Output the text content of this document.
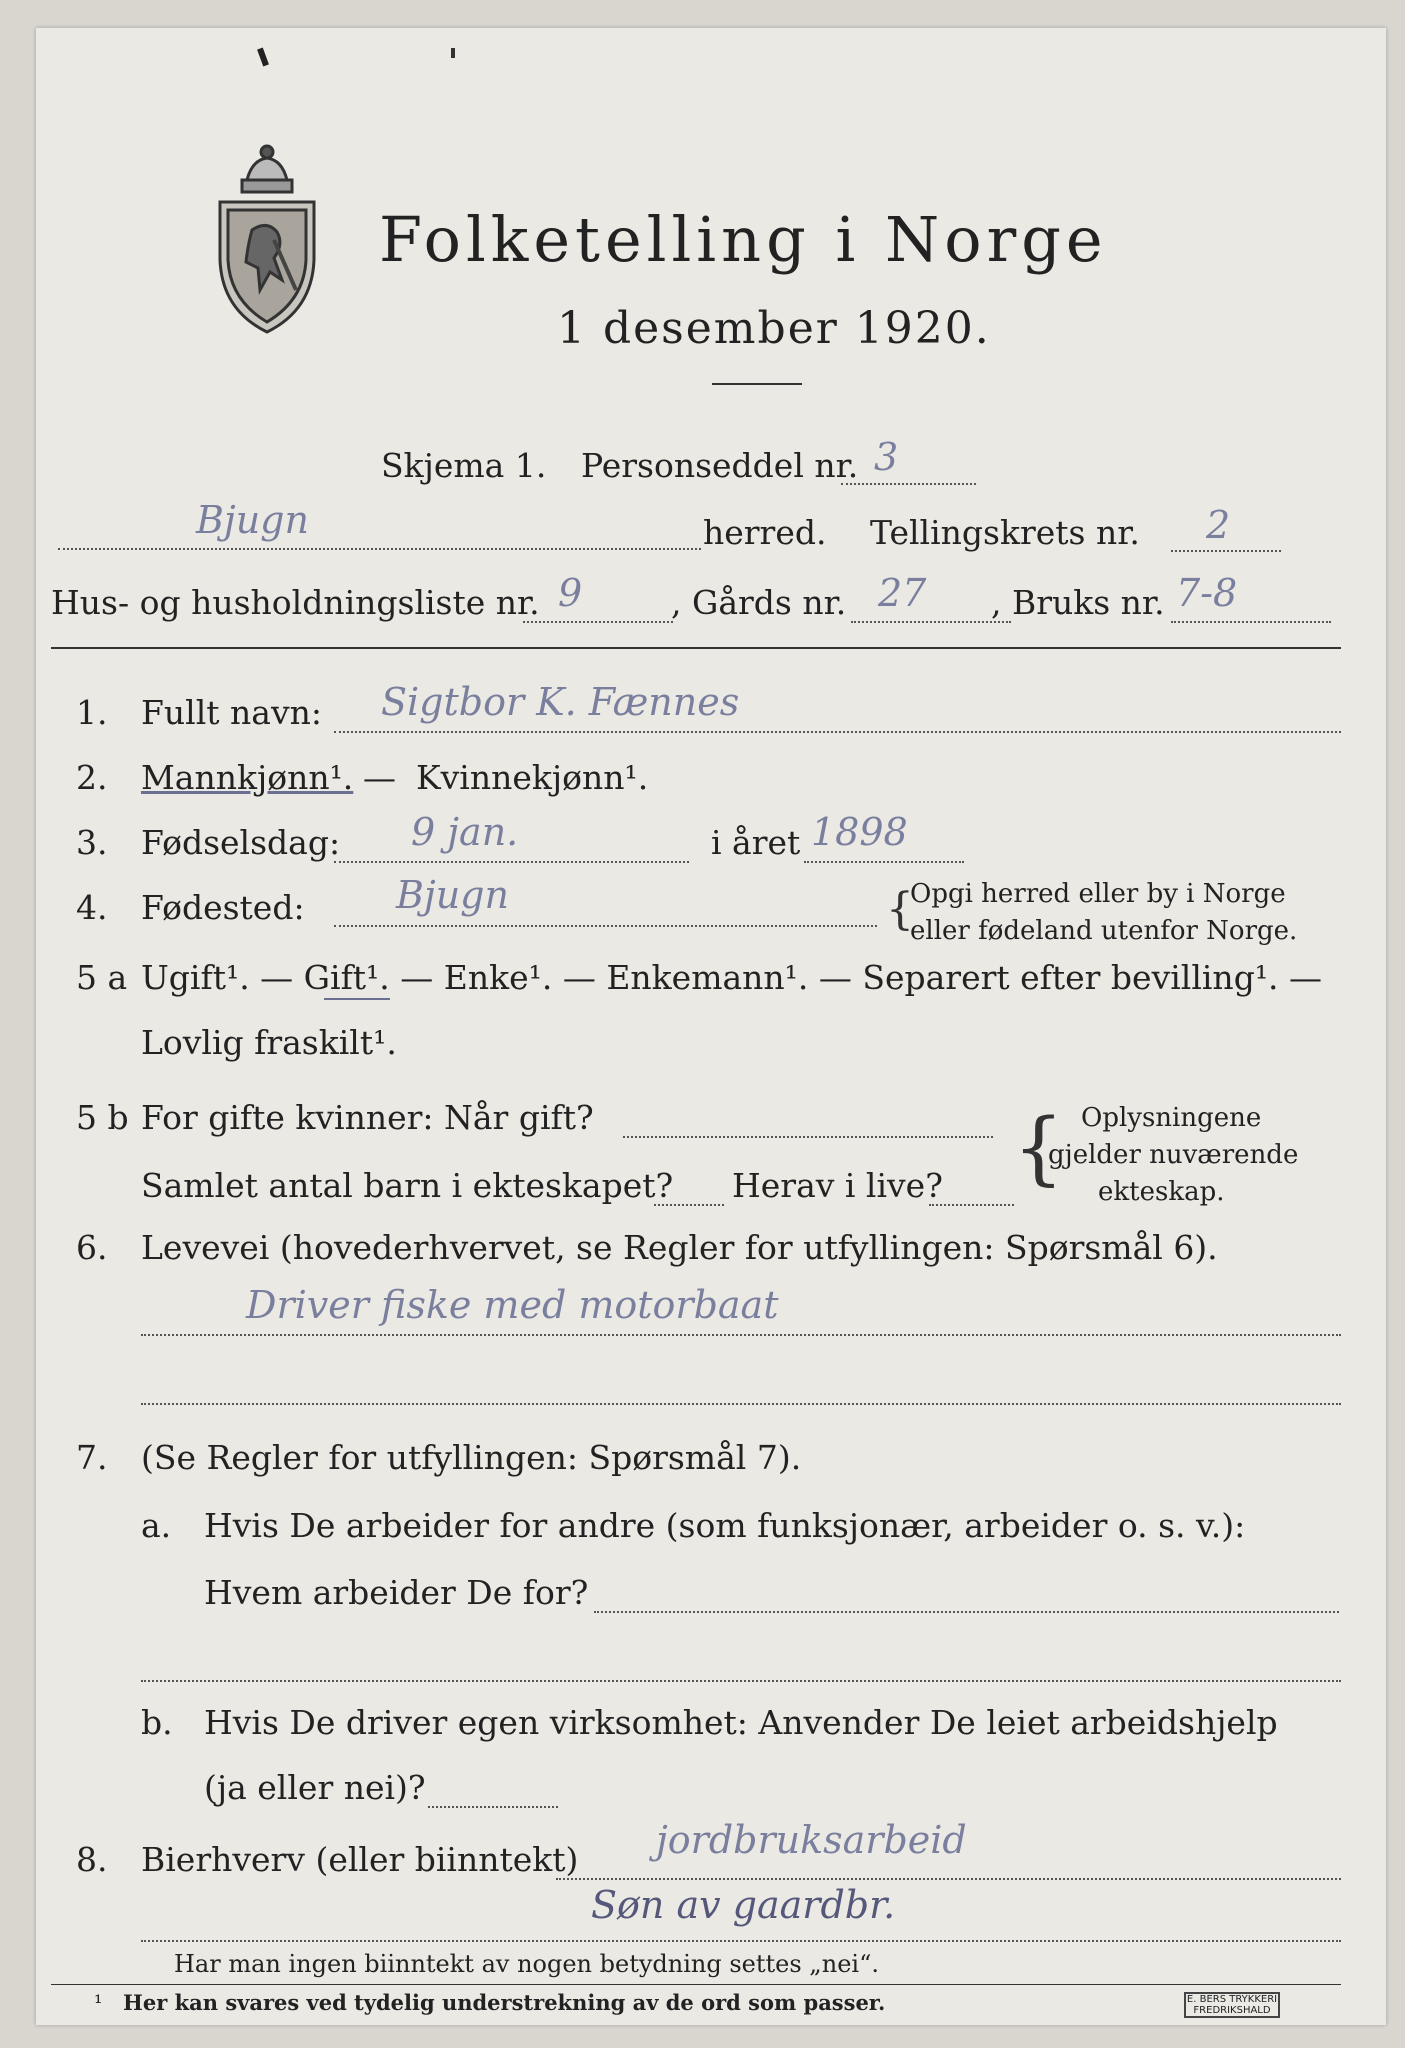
Folketelling i Norge
1 desember 1920.
Skjema 1. Personseddel nr. 3
Bjugn	herred. Tellingskrets nr. 2
Hus- og husholdningsliste nr. 9	, Gårds nr. 27 , Bruks nr. 7-8
1. Fullt navn: Sigtbor K. Fænnes
2. Mannkjønn¹. — Kvinnekjønn¹.
3. Fødselsdag: 9 jan.	i året 1898
4. Fødested: Bjugn	{
Opgi herred eller by i Norge
eller fødeland utenfor Norge.
5 a Ugift¹. — Gift¹. — Enke¹. — Enkemann¹. — Separert efter bevilling¹. —
Lovlig fraskilt¹.
5 b For gifte kvinner: Når gift?
Samlet antal barn i ekteskapet? Herav i live? { Oplysningene
gjelder nuværende
ekteskap.
6. Levevei (hovederhvervet, se Regler for utfyllingen: Spørsmål 6).
Driver fiske med motorbaat
7. (Se Regler for utfyllingen: Spørsmål 7).
a. Hvis De arbeider for andre (som funksjonær, arbeider o. s. v.):
Hvem arbeider De for?
b. Hvis De driver egen virksomhet: Anvender De leiet arbeidshjelp
(ja eller nei)?
8. Bierhverv (eller biinntekt) jordbruksarbeid
Søn av gaardbr.
Har man ingen biinntekt av nogen betydning settes „nei“.
¹ Her kan svares ved tydelig understrekning av de ord som passer.	E. BERS TRYKKERI
FREDRIKSHALD
